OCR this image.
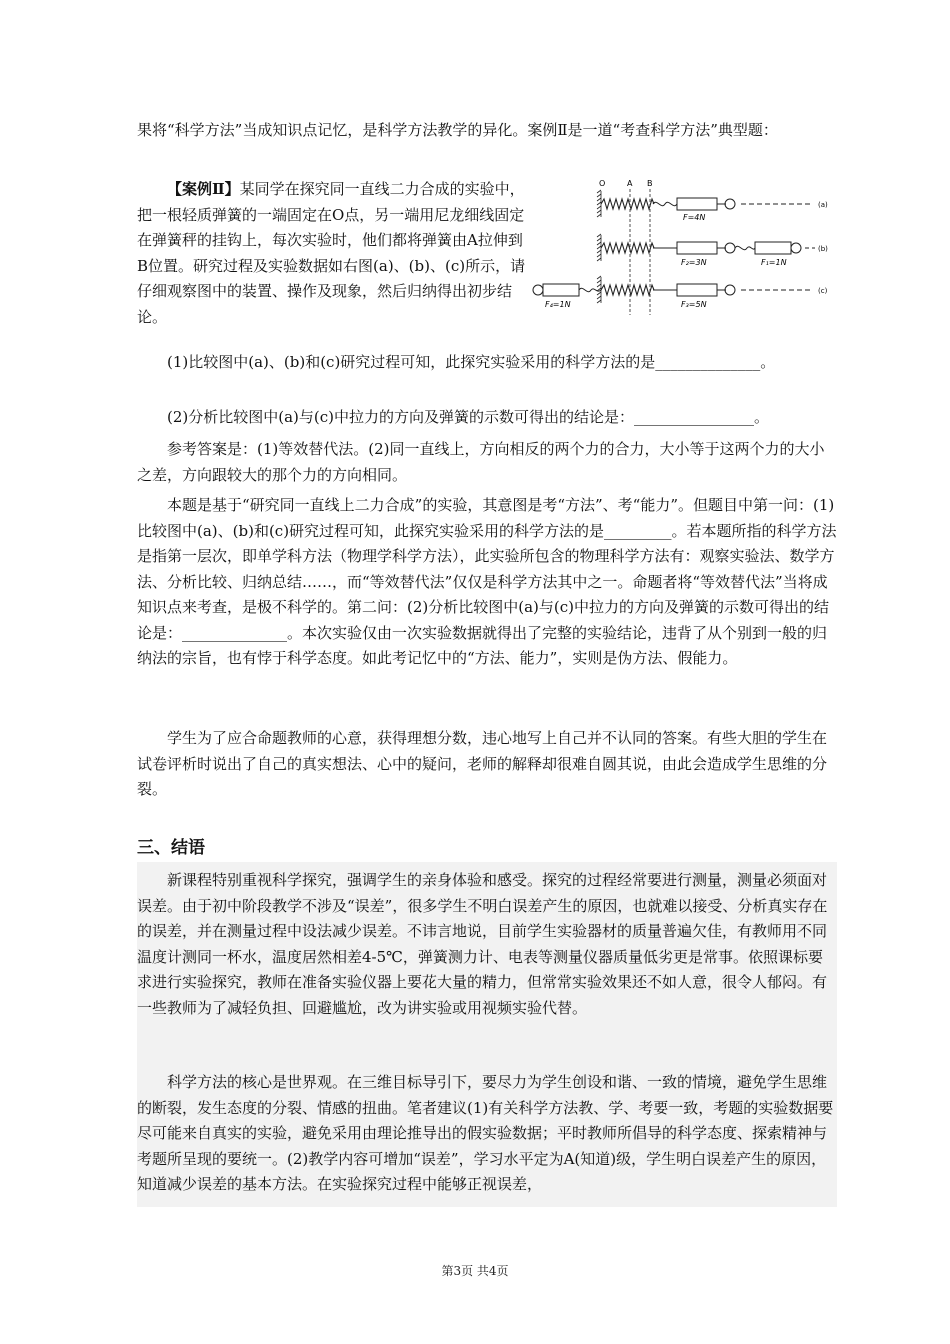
果将“科学方法”当成知识点记忆，是科学方法教学的异化。案例Ⅱ是一道“考查科学方法”典型题：

【案例Ⅱ】某同学在探究同一直线二力合成的实验中，把一根轻质弹簧的一端固定在O点，另一端用尼龙细线固定在弹簧秤的挂钩上，每次实验时，他们都将弹簧由A拉伸到B位置。研究过程及实验数据如右图(a)、(b)、(c)所示，请仔细观察图中的装置、操作及现象，然后归纳得出初步结论。

O	A B
F=4N
(a)
F₂=3N	F₁=1N
(b)
F₄=1N	F₃=5N
(c)

(1)比较图中(a)、(b)和(c)研究过程可知，此探究实验采用的科学方法的是______________。

(2)分析比较图中(a)与(c)中拉力的方向及弹簧的示数可得出的结论是：________________。

参考答案是：(1)等效替代法。(2)同一直线上，方向相反的两个力的合力，大小等于这两个力的大小之差，方向跟较大的那个力的方向相同。

本题是基于“研究同一直线上二力合成”的实验，其意图是考“方法”、考“能力”。但题目中第一问：(1)比较图中(a)、(b)和(c)研究过程可知，此探究实验采用的科学方法的是_________。若本题所指的科学方法是指第一层次，即单学科方法（物理学科学方法），此实验所包含的物理科学方法有：观察实验法、数学方法、分析比较、归纳总结……，而“等效替代法”仅仅是科学方法其中之一。命题者将“等效替代法”当将成知识点来考查，是极不科学的。第二问：(2)分析比较图中(a)与(c)中拉力的方向及弹簧的示数可得出的结论是：______________。本次实验仅由一次实验数据就得出了完整的实验结论，违背了从个别到一般的归纳法的宗旨，也有悖于科学态度。如此考记忆中的“方法、能力”，实则是伪方法、假能力。

学生为了应合命题教师的心意，获得理想分数，违心地写上自己并不认同的答案。有些大胆的学生在试卷评析时说出了自己的真实想法、心中的疑问，老师的解释却很难自圆其说，由此会造成学生思维的分裂。

三、结语

新课程特别重视科学探究，强调学生的亲身体验和感受。探究的过程经常要进行测量，测量必须面对误差。由于初中阶段教学不涉及“误差”，很多学生不明白误差产生的原因，也就难以接受、分析真实存在的误差，并在测量过程中设法减少误差。不讳言地说，目前学生实验器材的质量普遍欠佳，有教师用不同温度计测同一杯水，温度居然相差4-5℃，弹簧测力计、电表等测量仪器质量低劣更是常事。依照课标要求进行实验探究，教师在准备实验仪器上要花大量的精力，但常常实验效果还不如人意，很令人郁闷。有一些教师为了减轻负担、回避尴尬，改为讲实验或用视频实验代替。

科学方法的核心是世界观。在三维目标导引下，要尽力为学生创设和谐、一致的情境，避免学生思维的断裂，发生态度的分裂、情感的扭曲。笔者建议(1)有关科学方法教、学、考要一致，考题的实验数据要尽可能来自真实的实验，避免采用由理论推导出的假实验数据；平时教师所倡导的科学态度、探索精神与考题所呈现的要统一。(2)教学内容可增加“误差”，学习水平定为A(知道)级，学生明白误差产生的原因，知道减少误差的基本方法。在实验探究过程中能够正视误差，

第3页 共4页
